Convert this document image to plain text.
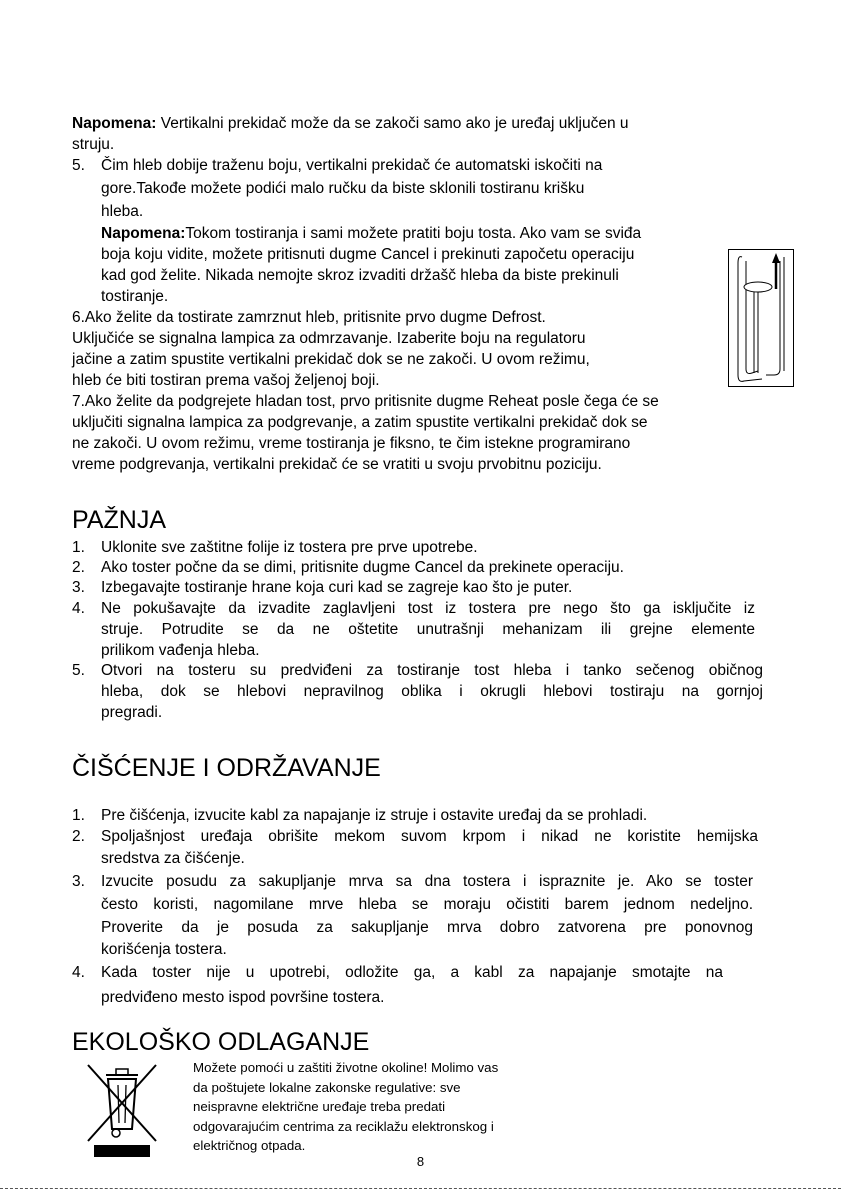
Napomena: Vertikalni prekidač može da se zakoči samo ako je uređaj uključen u
struju.
5. Čim hleb dobije traženu boju, vertikalni prekidač će automatski iskočiti na
gore.Takođe možete podići malo ručku da biste sklonili tostiranu krišku
hleba.
Napomena:Tokom tostiranja i sami možete pratiti boju tosta. Ako vam se sviđa
boja koju vidite, možete pritisnuti dugme Cancel i prekinuti započetu operaciju
kad god želite. Nikada nemojte skroz izvaditi držašč hleba da biste prekinuli
tostiranje.
6.Ako želite da tostirate zamrznut hleb, pritisnite prvo dugme Defrost.
Uključiće se signalna lampica za odmrzavanje. Izaberite boju na regulatoru
jačine a zatim spustite vertikalni prekidač dok se ne zakoči. U ovom režimu,
hleb će biti tostiran prema vašoj željenoj boji.
7.Ako želite da podgrejete hladan tost, prvo pritisnite dugme Reheat posle čega će se
uključiti signalna lampica za podgrevanje, a zatim spustite vertikalni prekidač dok se
ne zakoči. U ovom režimu, vreme tostiranja je fiksno, te čim istekne programirano
vreme podgrevanja, vertikalni prekidač će se vratiti u svoju prvobitnu poziciju.
PAŽNJA
1. Uklonite sve zaštitne folije iz tostera pre prve upotrebe.
2. Ako toster počne da se dimi, pritisnite dugme Cancel da prekinete operaciju.
3. Izbegavajte tostiranje hrane koja curi kad se zagreje kao što je puter.
4. Ne pokušavajte da izvadite zaglavljeni tost iz tostera pre nego što ga isključite iz
struje. Potrudite se da ne oštetite unutrašnji mehanizam ili grejne elemente
prilikom vađenja hleba.
5. Otvori na tosteru su predviđeni za tostiranje tost hleba i tanko sečenog običnog
hleba, dok se hlebovi nepravilnog oblika i okrugli hlebovi tostiraju na gornjoj
pregradi.
ČIŠĆENJE I ODRŽAVANJE
1. Pre čišćenja, izvucite kabl za napajanje iz struje i ostavite uređaj da se prohladi.
2. Spoljašnjost uređaja obrišite mekom suvom krpom i nikad ne koristite hemijska
sredstva za čišćenje.
3. Izvucite posudu za sakupljanje mrva sa dna tostera i ispraznite je. Ako se toster
često koristi, nagomilane mrve hleba se moraju očistiti barem jednom nedeljno.
Proverite da je posuda za sakupljanje mrva dobro zatvorena pre ponovnog
korišćenja tostera.
4. Kada toster nije u upotrebi, odložite ga, a kabl za napajanje smotajte na
predviđeno mesto ispod površine tostera.
EKOLOŠKO ODLAGANJE
Možete pomoći u zaštiti životne okoline! Molimo vas
da poštujete lokalne zakonske regulative: sve
neispravne električne uređaje treba predati
odgovarajućim centrima za reciklažu elektronskog i
električnog otpada.
8
